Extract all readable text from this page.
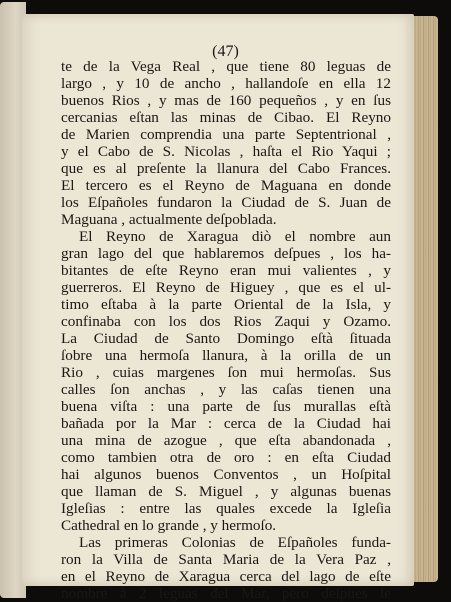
(47)
te de la Vega Real , que tiene 80 leguas de
largo , y 10 de ancho , hallandoſe en ella 12
buenos Rios , y mas de 160 pequeños , y en ſus
cercanias eſtan las minas de Cibao. El Reyno
de Marien comprendia una parte Septentrional ,
y el Cabo de S. Nicolas , haſta el Rio Yaqui ;
que es al preſente la llanura del Cabo Frances.
El tercero es el Reyno de Maguana en donde
los Eſpañoles fundaron la Ciudad de S. Juan de
Maguana , actualmente deſpoblada.
El Reyno de Xaragua diò el nombre aun
gran lago del que hablaremos deſpues , los ha-
bitantes de eſte Reyno eran mui valientes , y
guerreros. El Reyno de Higuey , que es el ul-
timo eſtaba à la parte Oriental de la Isla, y
confinaba con los dos Rios Zaqui y Ozamo.
La Ciudad de Santo Domingo eſtà ſituada
ſobre una hermoſa llanura, à la orilla de un
Rio , cuias margenes ſon mui hermoſas. Sus
calles ſon anchas , y las caſas tienen una
buena viſta : una parte de ſus murallas eſtà
bañada por la Mar : cerca de la Ciudad hai
una mina de azogue , que eſta abandonada ,
como tambien otra de oro : en eſta Ciudad
hai algunos buenos Conventos , un Hoſpital
que llaman de S. Miguel , y algunas buenas
Igleſias : entre las quales excede la Igleſia
Cathedral en lo grande , y hermoſo.
Las primeras Colonias de Eſpañoles funda-
ron la Villa de Santa Maria de la Vera Paz ,
en el Reyno de Xaragua cerca del lago de eſte
nombre à 2 leguas del Mar, pero deſpues ſe
